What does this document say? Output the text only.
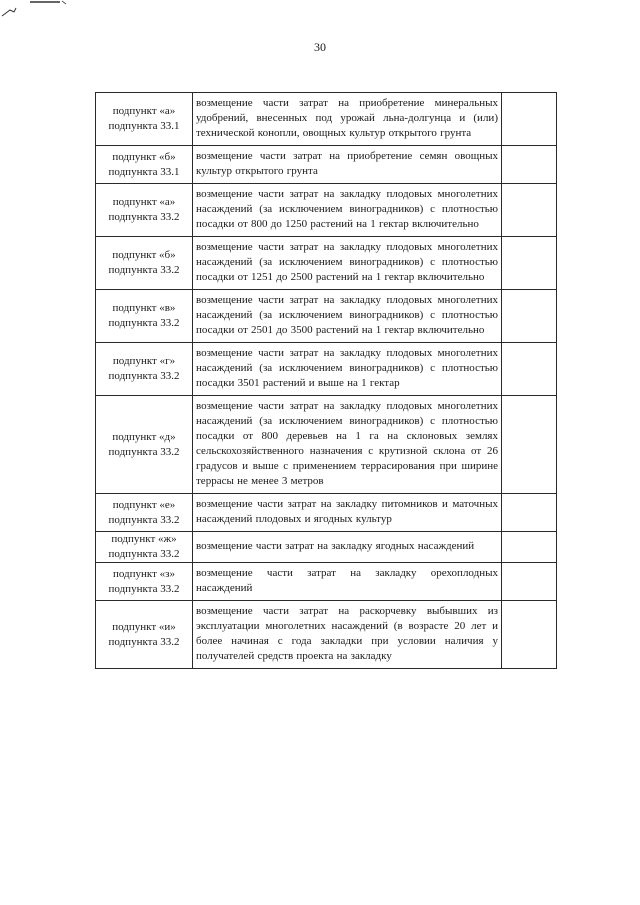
30
подпункт «а»
подпункта 33.1	возмещение части затрат на приобретение минеральных удобрений, внесенных под урожай льна-долгунца и (или) технической конопли, овощных культур открытого грунта	

подпункт «б»
подпункта 33.1	возмещение части затрат на приобретение семян овощных культур открытого грунта	

подпункт «а»
подпункта 33.2	возмещение части затрат на закладку плодовых многолетних насаждений (за исключением виноградников) с плотностью посадки от 800 до 1250 растений на 1 гектар включительно	

подпункт «б»
подпункта 33.2	возмещение части затрат на закладку плодовых многолетних насаждений (за исключением виноградников) с плотностью посадки от 1251 до 2500 растений на 1 гектар включительно	

подпункт «в»
подпункта 33.2	возмещение части затрат на закладку плодовых многолетних насаждений (за исключением виноградников) с плотностью посадки от 2501 до 3500 растений на 1 гектар включительно	

подпункт «г»
подпункта 33.2	возмещение части затрат на закладку плодовых многолетних насаждений (за исключением виноградников) с плотностью посадки 3501 растений и выше на 1 гектар	

подпункт «д»
подпункта 33.2	возмещение части затрат на закладку плодовых многолетних насаждений (за исключением виноградников) с плотностью посадки от 800 деревьев на 1 га на склоновых землях сельскохозяйственного назначения с крутизной склона от 26 градусов и выше с применением террасирования при ширине террасы не менее 3 метров	

подпункт «е»
подпункта 33.2	возмещение части затрат на закладку питомников и маточных насаждений плодовых и ягодных культур	

подпункт «ж»
подпункта 33.2	возмещение части затрат на закладку ягодных насаждений	

подпункт «з»
подпункта 33.2	возмещение части затрат на закладку орехоплодных насаждений	

подпункт «и»
подпункта 33.2	возмещение части затрат на раскорчевку выбывших из эксплуатации многолетних насаждений (в возрасте 20 лет и более начиная с года закладки при условии наличия у получателей средств проекта на закладку	
